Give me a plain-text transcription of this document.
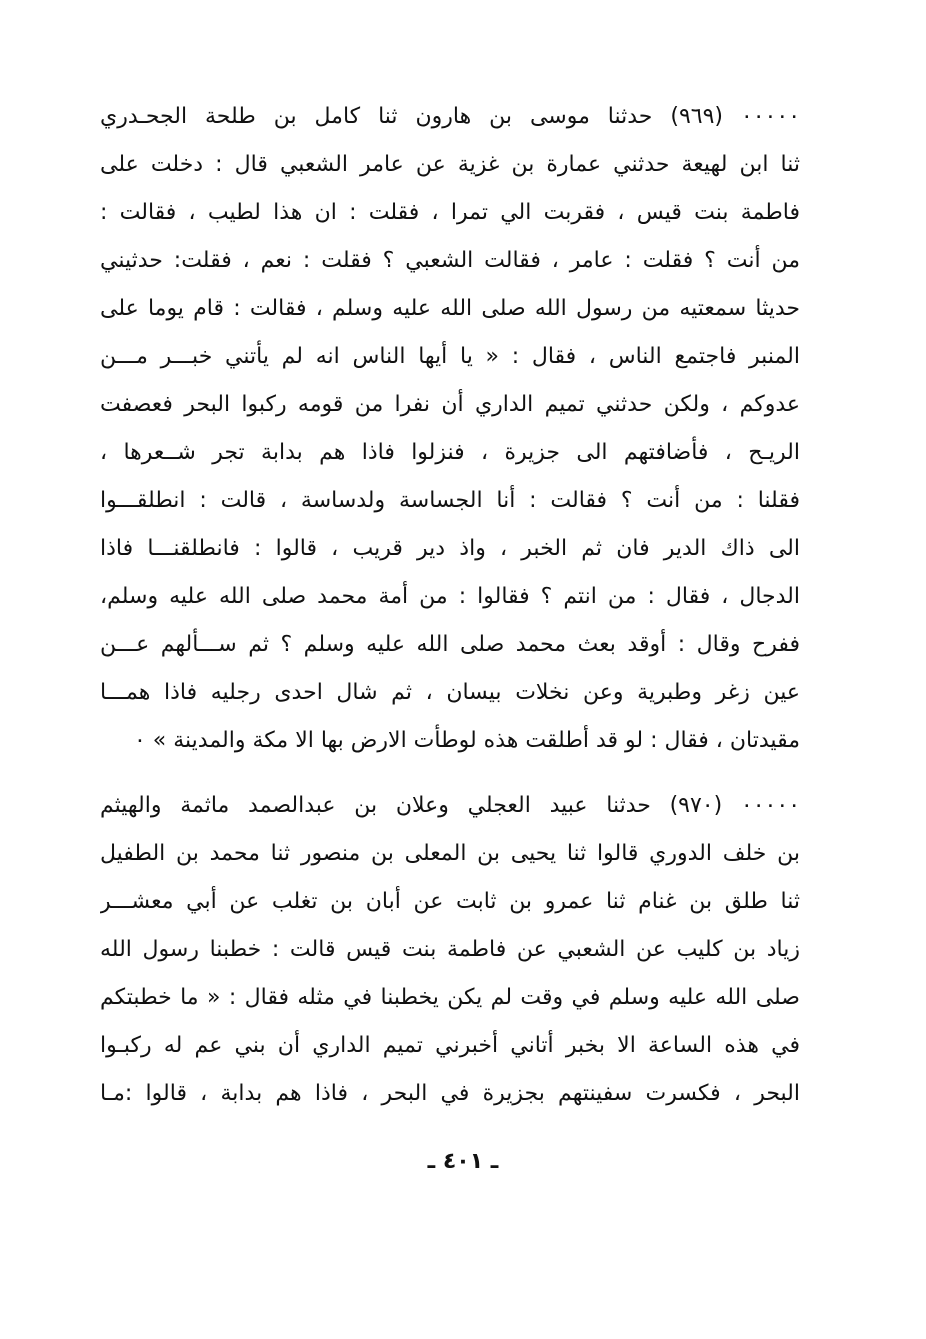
٠٠٠٠٠ (٩٦٩) حدثنا موسى بن هارون ثنا كامل بن طلحة الجحـدري
ثنا ابن لهيعة حدثني عمارة بن غزية عن عامر الشعبي قال : دخلت على
فاطمة بنت قيس ، فقربت الي تمرا ، فقلت : ان هذا لطيب ، فقالت :
من أنت ؟ فقلت : عامر ، فقالت الشعبي ؟ فقلت : نعم ، فقلت: حدثيني
حديثا سمعتيه من رسول الله صلى الله عليه وسلم ، فقالت : قام يوما على
المنبر فاجتمع الناس ، فقال : « يا أيها الناس انه لم يأتني خبـــر مـــن
عدوكم ، ولكن حدثني تميم الداري أن نفرا من قومه ركبوا البحر فعصفت
الريـح ، فأضافتهم الى جزيرة ، فنزلوا فاذا هم بدابة تجر شــعرها ،
فقلنا : من أنت ؟ فقالت : أنا الجساسة ولدساسة ، قالت : انطلقـــوا
الى ذاك الدير فان ثم الخبر ، واذ دير قريب ، قالوا : فانطلقنـــا فاذا
الدجال ، فقال : من انتم ؟ فقالوا : من أمة محمد صلى الله عليه وسلم،
ففرح وقال : أوقد بعث محمد صلى الله عليه وسلم ؟ ثم ســـألهم عـــن
عين زغر وطبرية وعن نخلات بيسان ، ثم شال احدى رجليه فاذا همـــا
مقيدتان ، فقال : لو قد أطلقت هذه لوطأت الارض بها الا مكة والمدينة » ٠
٠٠٠٠٠ (٩٧٠) حدثنا عبيد العجلي وعلان بن عبدالصمد ماثمة والهيثم
بن خلف الدوري قالوا ثنا يحيى بن المعلى بن منصور ثنا محمد بن الطفيل
ثنا طلق بن غنام ثنا عمرو بن ثابت عن أبان بن تغلب عن أبي معشـــر
زياد بن كليب عن الشعبي عن فاطمة بنت قيس قالت : خطبنا رسول الله
صلى الله عليه وسلم في وقت لم يكن يخطبنا في مثله فقال : « ما خطبتكم
في هذه الساعة الا بخبر أتاني أخبرني تميم الداري أن بني عم له ركبـوا
البحر ، فكسرت سفينتهم بجزيرة في البحر ، فاذا هم بدابة ، قالوا :مـا
ـ ٤٠١ ـ
